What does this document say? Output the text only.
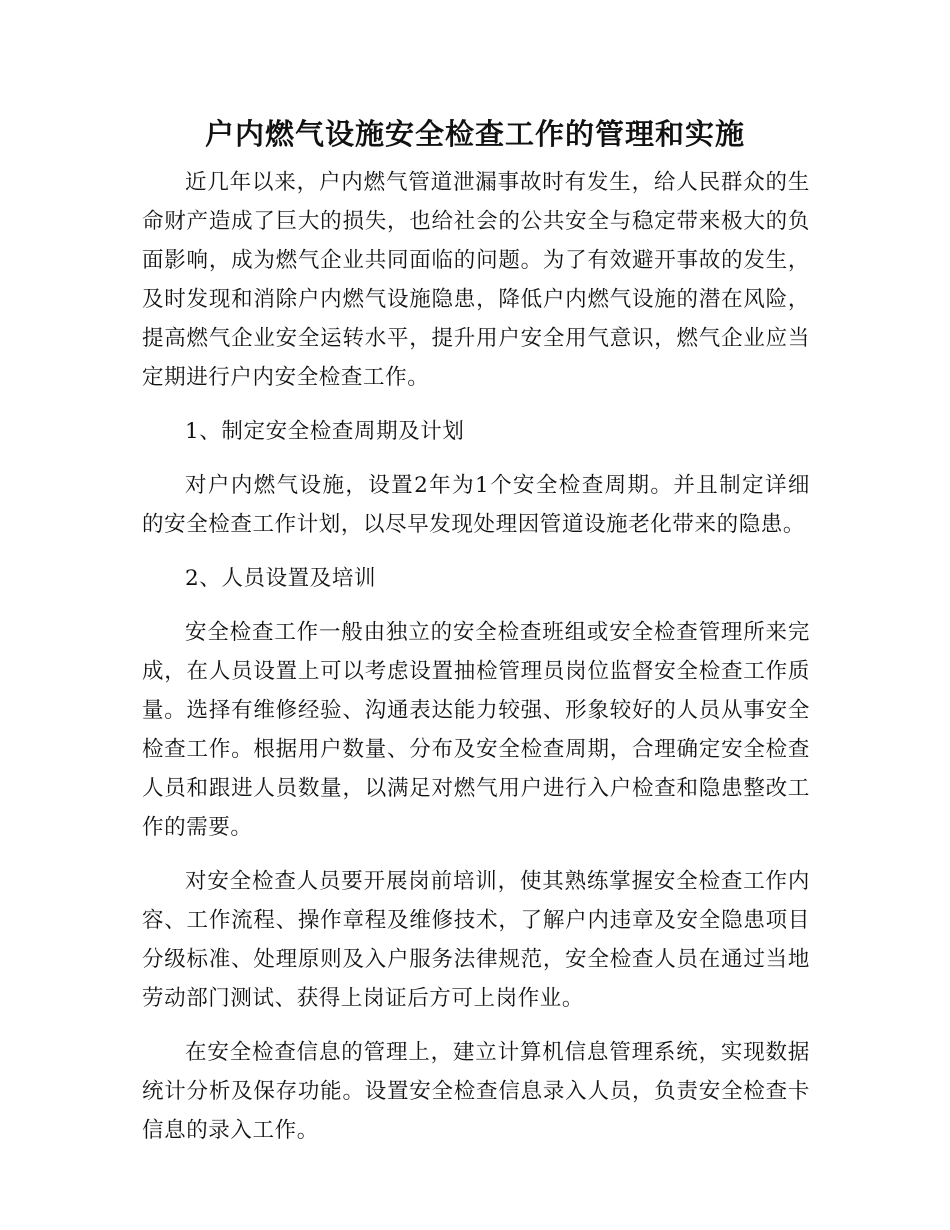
户内燃气设施安全检查工作的管理和实施

近几年以来，户内燃气管道泄漏事故时有发生，给人民群众的生命财产造成了巨大的损失，也给社会的公共安全与稳定带来极大的负面影响，成为燃气企业共同面临的问题。为了有效避开事故的发生，及时发现和消除户内燃气设施隐患，降低户内燃气设施的潜在风险，提高燃气企业安全运转水平，提升用户安全用气意识，燃气企业应当定期进行户内安全检查工作。

1、制定安全检查周期及计划

对户内燃气设施，设置2年为1个安全检查周期。并且制定详细的安全检查工作计划，以尽早发现处理因管道设施老化带来的隐患。

2、人员设置及培训

安全检查工作一般由独立的安全检查班组或安全检查管理所来完成，在人员设置上可以考虑设置抽检管理员岗位监督安全检查工作质量。选择有维修经验、沟通表达能力较强、形象较好的人员从事安全检查工作。根据用户数量、分布及安全检查周期，合理确定安全检查人员和跟进人员数量，以满足对燃气用户进行入户检查和隐患整改工作的需要。

对安全检查人员要开展岗前培训，使其熟练掌握安全检查工作内容、工作流程、操作章程及维修技术，了解户内违章及安全隐患项目分级标准、处理原则及入户服务法律规范，安全检查人员在通过当地劳动部门测试、获得上岗证后方可上岗作业。

在安全检查信息的管理上，建立计算机信息管理系统，实现数据统计分析及保存功能。设置安全检查信息录入人员，负责安全检查卡信息的录入工作。
